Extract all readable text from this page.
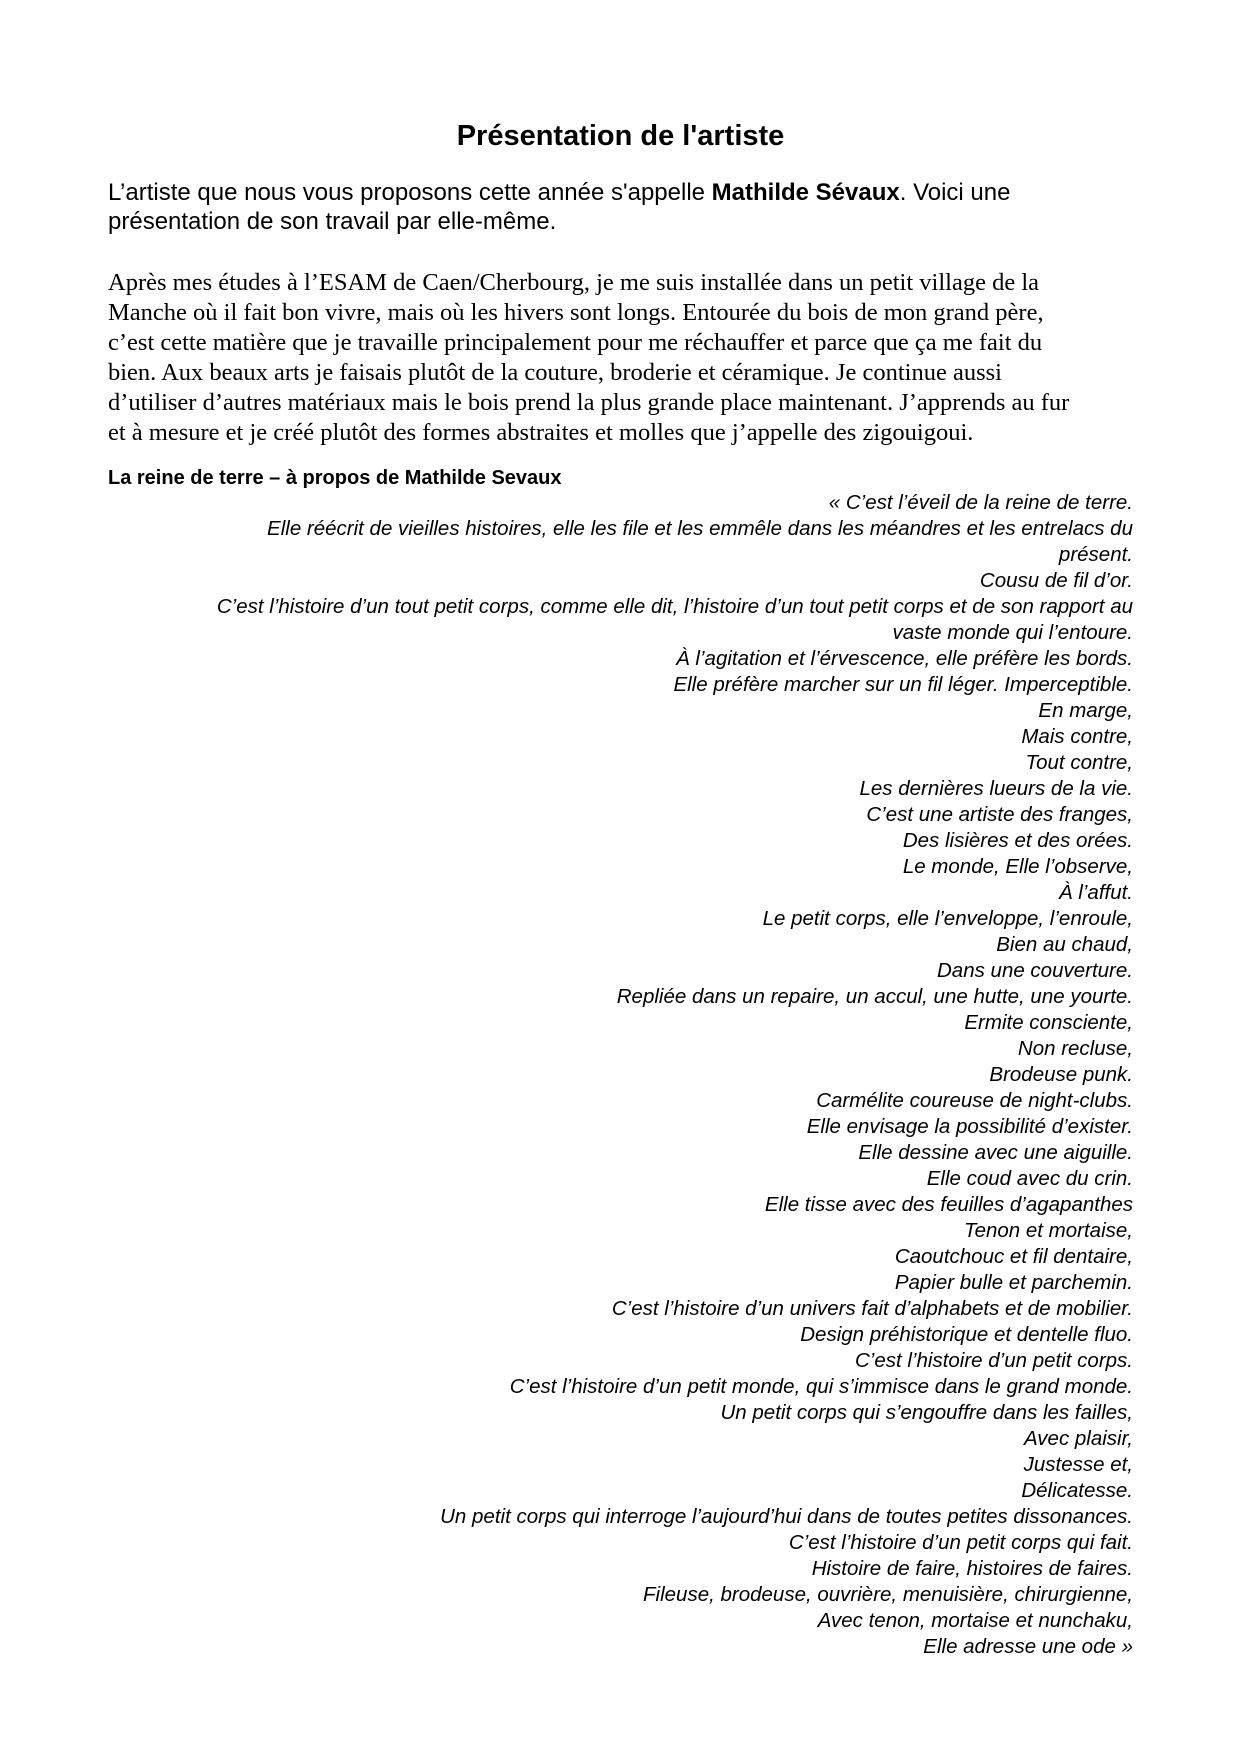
Présentation de l'artiste
L’artiste que nous vous proposons cette année s'appelle Mathilde Sévaux. Voici une
présentation de son travail par elle-même.
Après mes études à l’ESAM de Caen/Cherbourg, je me suis installée dans un petit village de la
Manche où il fait bon vivre, mais où les hivers sont longs. Entourée du bois de mon grand père,
c’est cette matière que je travaille principalement pour me réchauffer et parce que ça me fait du
bien. Aux beaux arts je faisais plutôt de la couture, broderie et céramique. Je continue aussi
d’utiliser d’autres matériaux mais le bois prend la plus grande place maintenant. J’apprends au fur
et à mesure et je créé plutôt des formes abstraites et molles que j’appelle des zigouigoui.
La reine de terre – à propos de Mathilde Sevaux
« C’est l’éveil de la reine de terre.
Elle réécrit de vieilles histoires, elle les file et les emmêle dans les méandres et les entrelacs du
présent.
Cousu de fil d’or.
C’est l’histoire d’un tout petit corps, comme elle dit, l’histoire d’un tout petit corps et de son rapport au
vaste monde qui l’entoure.
À l’agitation et l’érvescence, elle préfère les bords.
Elle préfère marcher sur un fil léger. Imperceptible.
En marge,
Mais contre,
Tout contre,
Les dernières lueurs de la vie.
C’est une artiste des franges,
Des lisières et des orées.
Le monde, Elle l’observe,
À l’affut.
Le petit corps, elle l’enveloppe, l’enroule,
Bien au chaud,
Dans une couverture.
Repliée dans un repaire, un accul, une hutte, une yourte.
Ermite consciente,
Non recluse,
Brodeuse punk.
Carmélite coureuse de night-clubs.
Elle envisage la possibilité d’exister.
Elle dessine avec une aiguille.
Elle coud avec du crin.
Elle tisse avec des feuilles d’agapanthes
Tenon et mortaise,
Caoutchouc et fil dentaire,
Papier bulle et parchemin.
C’est l’histoire d’un univers fait d’alphabets et de mobilier.
Design préhistorique et dentelle fluo.
C’est l’histoire d’un petit corps.
C’est l’histoire d’un petit monde, qui s’immisce dans le grand monde.
Un petit corps qui s’engouffre dans les failles,
Avec plaisir,
Justesse et,
Délicatesse.
Un petit corps qui interroge l’aujourd’hui dans de toutes petites dissonances.
C’est l’histoire d’un petit corps qui fait.
Histoire de faire, histoires de faires.
Fileuse, brodeuse, ouvrière, menuisière, chirurgienne,
Avec tenon, mortaise et nunchaku,
Elle adresse une ode »
